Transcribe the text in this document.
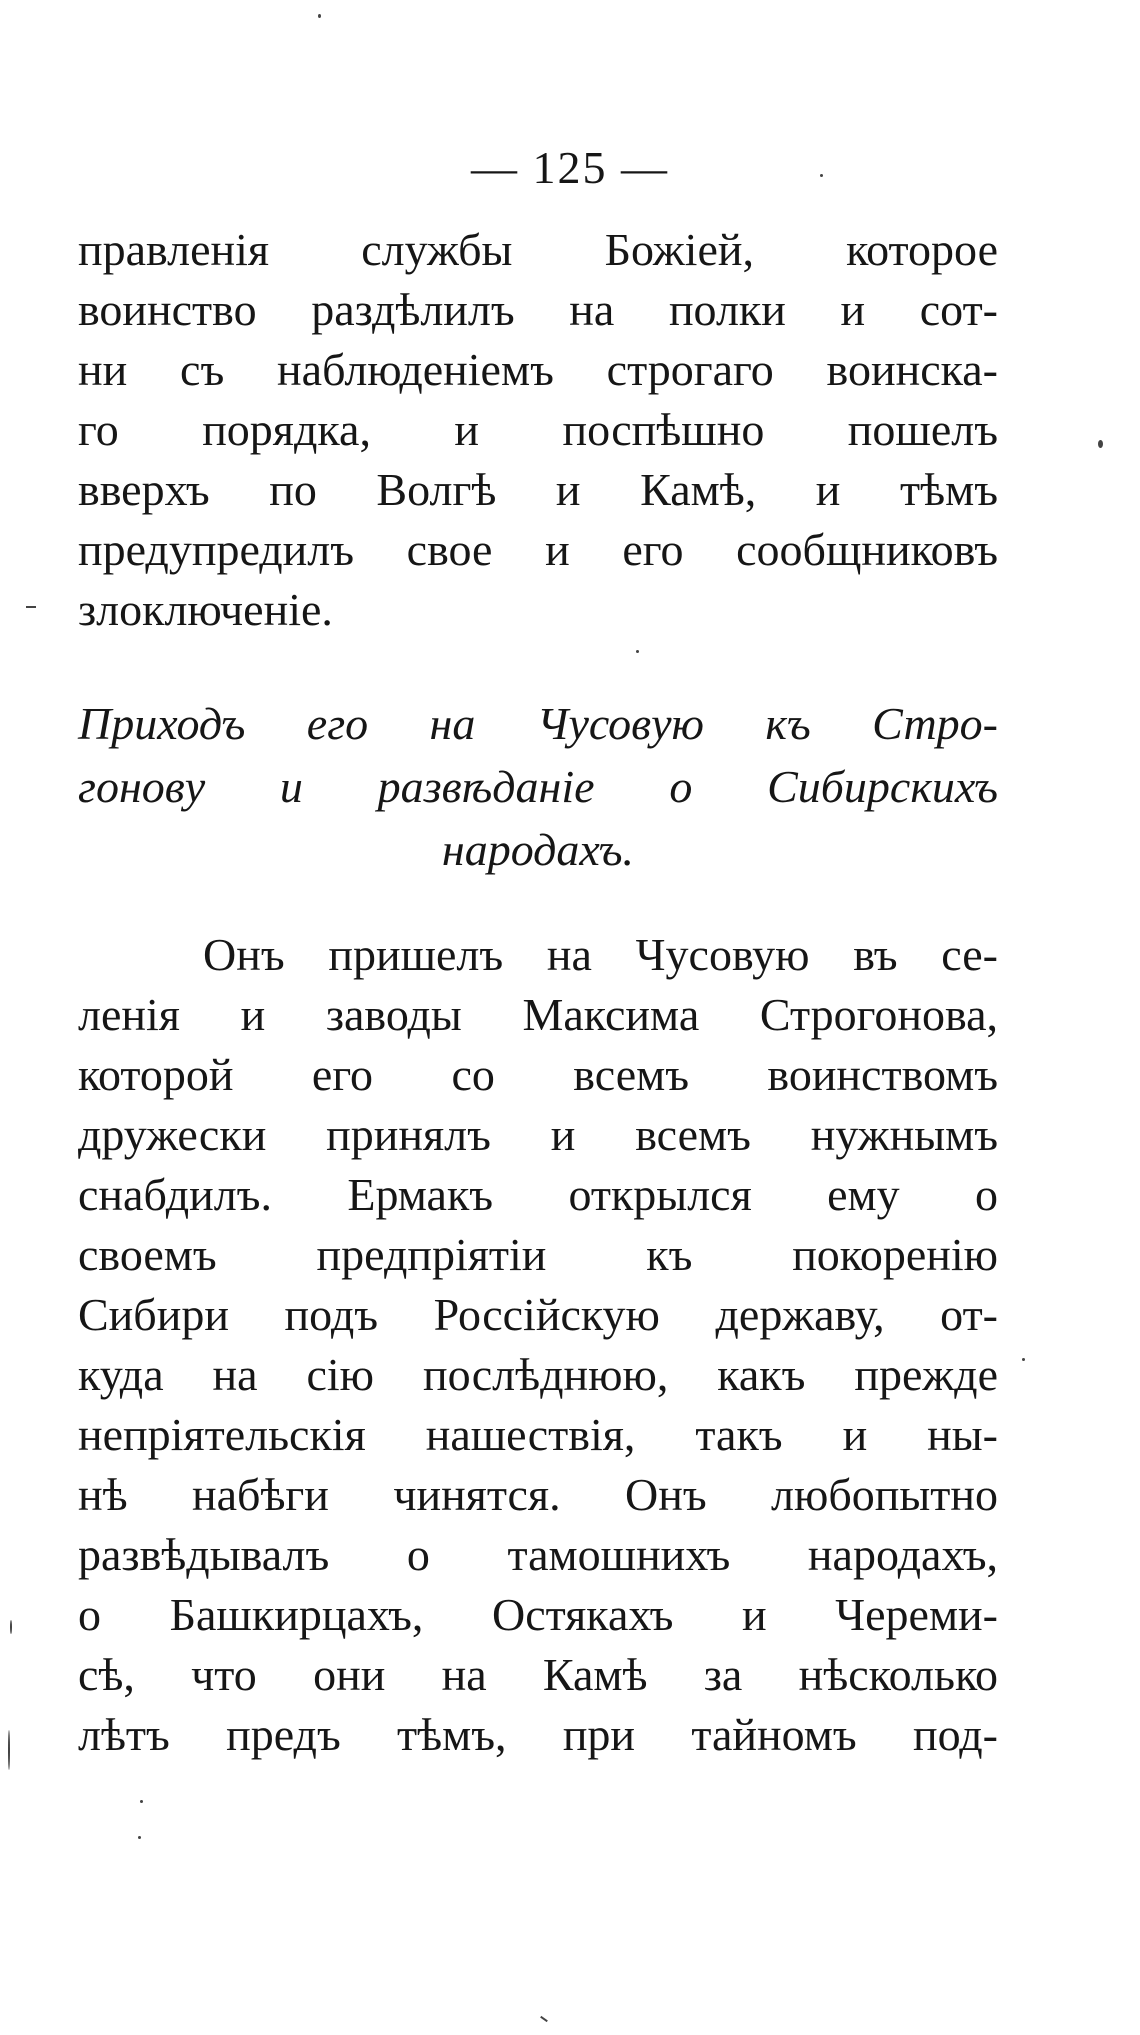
— 125 —
правленія службы Божіей, которое
воинство раздѣлилъ на полки и сот-
ни съ наблюденіемъ строгаго воинска-
го порядка, и поспѣшно пошелъ
вверхъ по Волгѣ и Камѣ, и тѣмъ
предупредилъ свое и его сообщниковъ
злоключеніе.
Приходъ его на Чусовую къ Стро-
гонову и развѣданіе о Сибирскихъ
народахъ.
Онъ пришелъ на Чусовую въ се-
ленія и заводы Максима Строгонова,
которой его со всемъ воинствомъ
дружески принялъ и всемъ нужнымъ
снабдилъ. Ермакъ открылся ему о
своемъ предпріятіи къ покоренію
Сибири подъ Россійскую державу, от-
куда на сію послѣднюю, какъ прежде
непріятельскія нашествія, такъ и ны-
нѣ набѣги чинятся. Онъ любопытно
развѣдывалъ о тамошнихъ народахъ,
о Башкирцахъ, Остякахъ и Череми-
сѣ, что они на Камѣ за нѣсколько
лѣтъ предъ тѣмъ, при тайномъ под-
